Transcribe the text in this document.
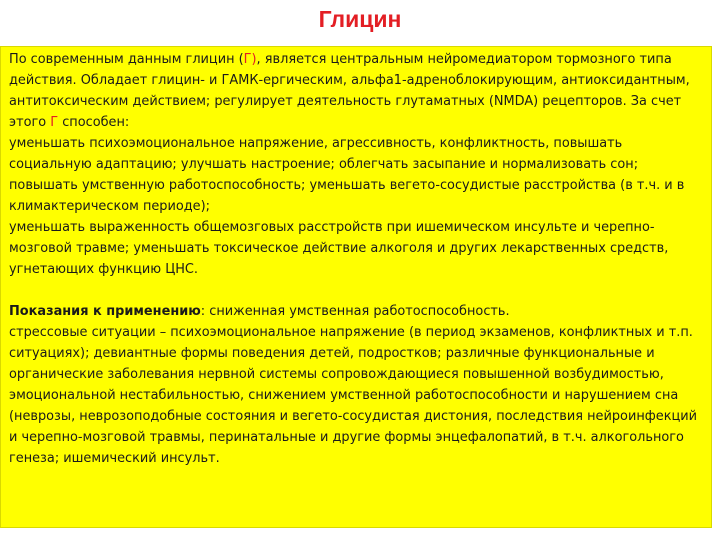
Глицин

По современным данным глицин (Г), является центральным нейромедиатором тормозного типа действия. Обладает глицин- и ГАМК-ергическим, альфа1-адреноблокирующим, антиоксидантным, антитоксическим действием; регулирует деятельность глутаматных (NMDA) рецепторов. За счет этого Г способен:

уменьшать психоэмоциональное напряжение, агрессивность, конфликтность, повышать социальную адаптацию; улучшать настроение; облегчать засыпание и нормализовать сон; повышать умственную работоспособность; уменьшать вегето-сосудистые расстройства (в т.ч. и в климактерическом периоде);

уменьшать выраженность общемозговых расстройств при ишемическом инсульте и черепно-мозговой травме; уменьшать токсическое действие алкоголя и других лекарственных средств, угнетающих функцию ЦНС.

Показания к применению: сниженная умственная работоспособность.

стрессовые ситуации – психоэмоциональное напряжение (в период экзаменов, конфликтных и т.п. ситуациях); девиантные формы поведения детей, подростков; различные функциональные и органические заболевания нервной системы сопровождающиеся повышенной возбудимостью, эмоциональной нестабильностью, снижением умственной работоспособности и нарушением сна (неврозы, неврозоподобные состояния и вегето-сосудистая дистония, последствия нейроинфекций и черепно-мозговой травмы, перинатальные и другие формы энцефалопатий, в т.ч. алкогольного генеза; ишемический инсульт.
